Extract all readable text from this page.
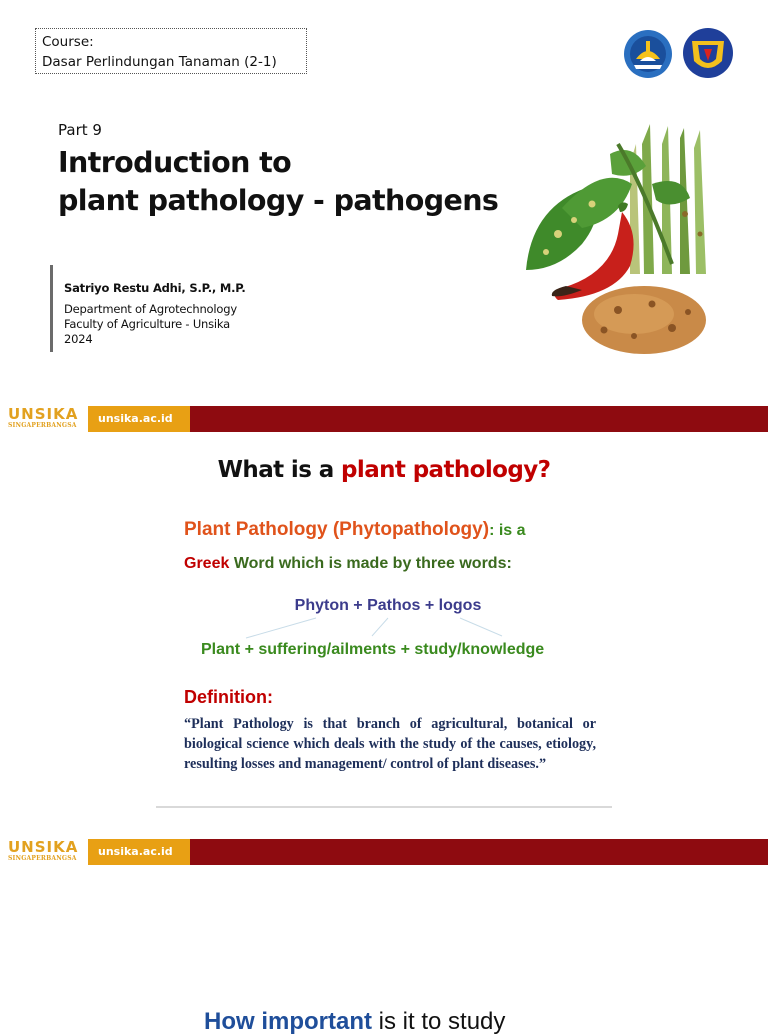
Course:
Dasar Perlindungan Tanaman (2-1)
Part 9
Introduction to
plant pathology - pathogens
Satriyo Restu Adhi, S.P., M.P.
Department of Agrotechnology
Faculty of Agriculture - Unsika
2024
UNSIKA
SINGAPERBANGSA
unsika.ac.id
What is a plant pathology?
Plant Pathology (Phytopathology): is a
Greek Word which is made by three words:
Phyton + Pathos + logos
Plant + suffering/ailments + study/knowledge
Definition:
“Plant Pathology is that branch of agricultural, botanical or biological science which deals with the study of the causes, etiology, resulting losses and management/ control of plant diseases.”
UNSIKA
SINGAPERBANGSA
unsika.ac.id
How important is it to study
